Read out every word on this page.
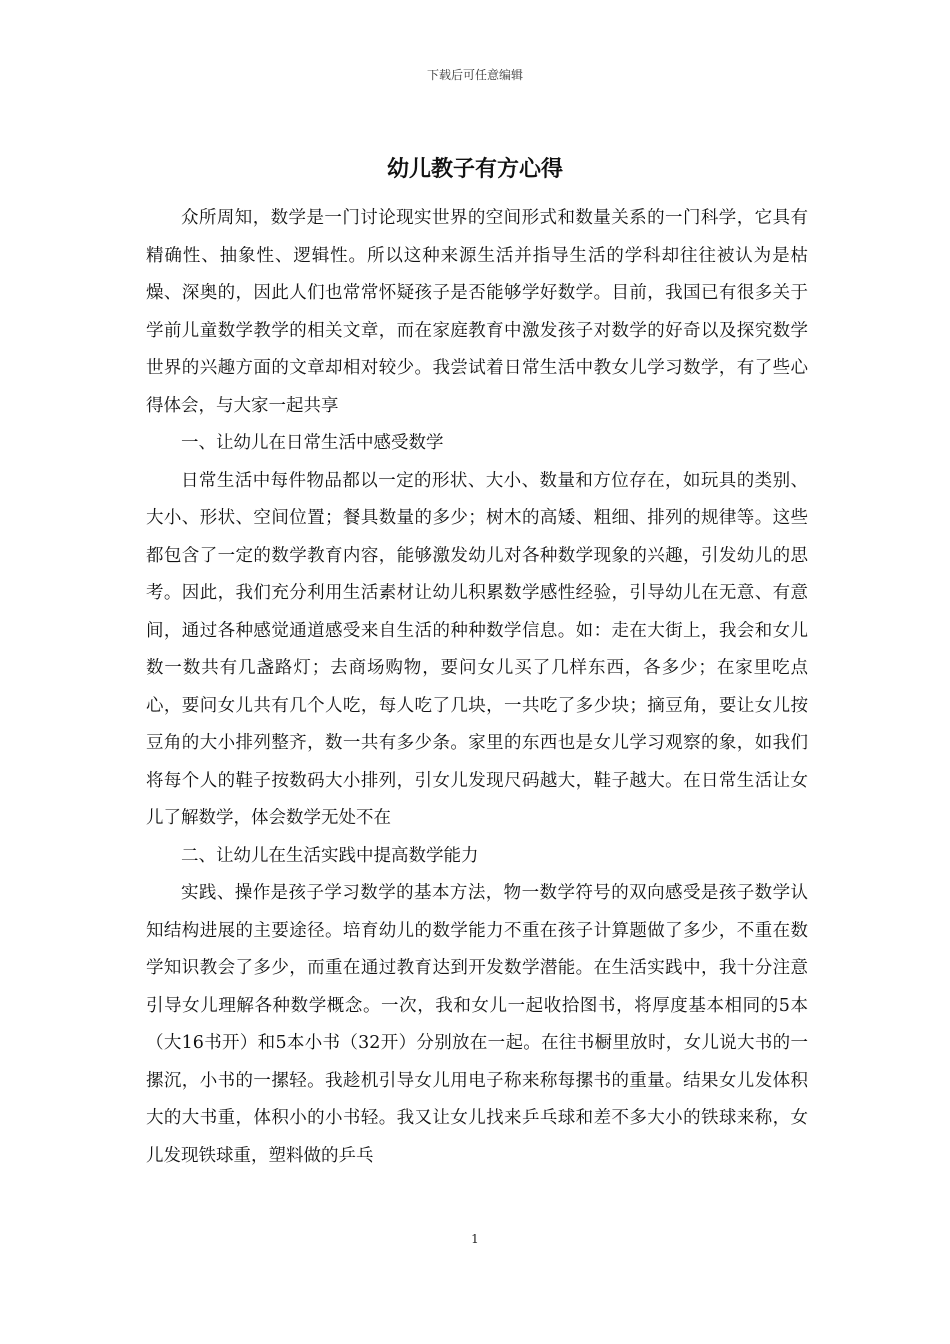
下载后可任意编辑
幼儿教子有方心得

众所周知，数学是一门讨论现实世界的空间形式和数量关系的一门科学，它具有精确性、抽象性、逻辑性。所以这种来源生活并指导生活的学科却往往被认为是枯燥、深奥的，因此人们也常常怀疑孩子是否能够学好数学。目前，我国已有很多关于学前儿童数学教学的相关文章，而在家庭教育中激发孩子对数学的好奇以及探究数学世界的兴趣方面的文章却相对较少。我尝试着日常生活中教女儿学习数学，有了些心得体会，与大家一起共享

一、让幼儿在日常生活中感受数学

日常生活中每件物品都以一定的形状、大小、数量和方位存在，如玩具的类别、大小、形状、空间位置；餐具数量的多少；树木的高矮、粗细、排列的规律等。这些都包含了一定的数学教育内容，能够激发幼儿对各种数学现象的兴趣，引发幼儿的思考。因此，我们充分利用生活素材让幼儿积累数学感性经验，引导幼儿在无意、有意间，通过各种感觉通道感受来自生活的种种数学信息。如：走在大街上，我会和女儿数一数共有几盏路灯；去商场购物，要问女儿买了几样东西，各多少；在家里吃点心，要问女儿共有几个人吃，每人吃了几块，一共吃了多少块；摘豆角，要让女儿按豆角的大小排列整齐，数一共有多少条。家里的东西也是女儿学习观察的象，如我们将每个人的鞋子按数码大小排列，引女儿发现尺码越大，鞋子越大。在日常生活让女儿了解数学，体会数学无处不在

二、让幼儿在生活实践中提高数学能力

实践、操作是孩子学习数学的基本方法，物一数学符号的双向感受是孩子数学认知结构进展的主要途径。培育幼儿的数学能力不重在孩子计算题做了多少，不重在数学知识教会了多少，而重在通过教育达到开发数学潜能。在生活实践中，我十分注意引导女儿理解各种数学概念。一次，我和女儿一起收拾图书，将厚度基本相同的5本（大16书开）和5本小书（32开）分别放在一起。在往书橱里放时，女儿说大书的一摞沉，小书的一摞轻。我趁机引导女儿用电子称来称每摞书的重量。结果女儿发体积大的大书重，体积小的小书轻。我又让女儿找来乒乓球和差不多大小的铁球来称，女儿发现铁球重，塑料做的乒乓

1
